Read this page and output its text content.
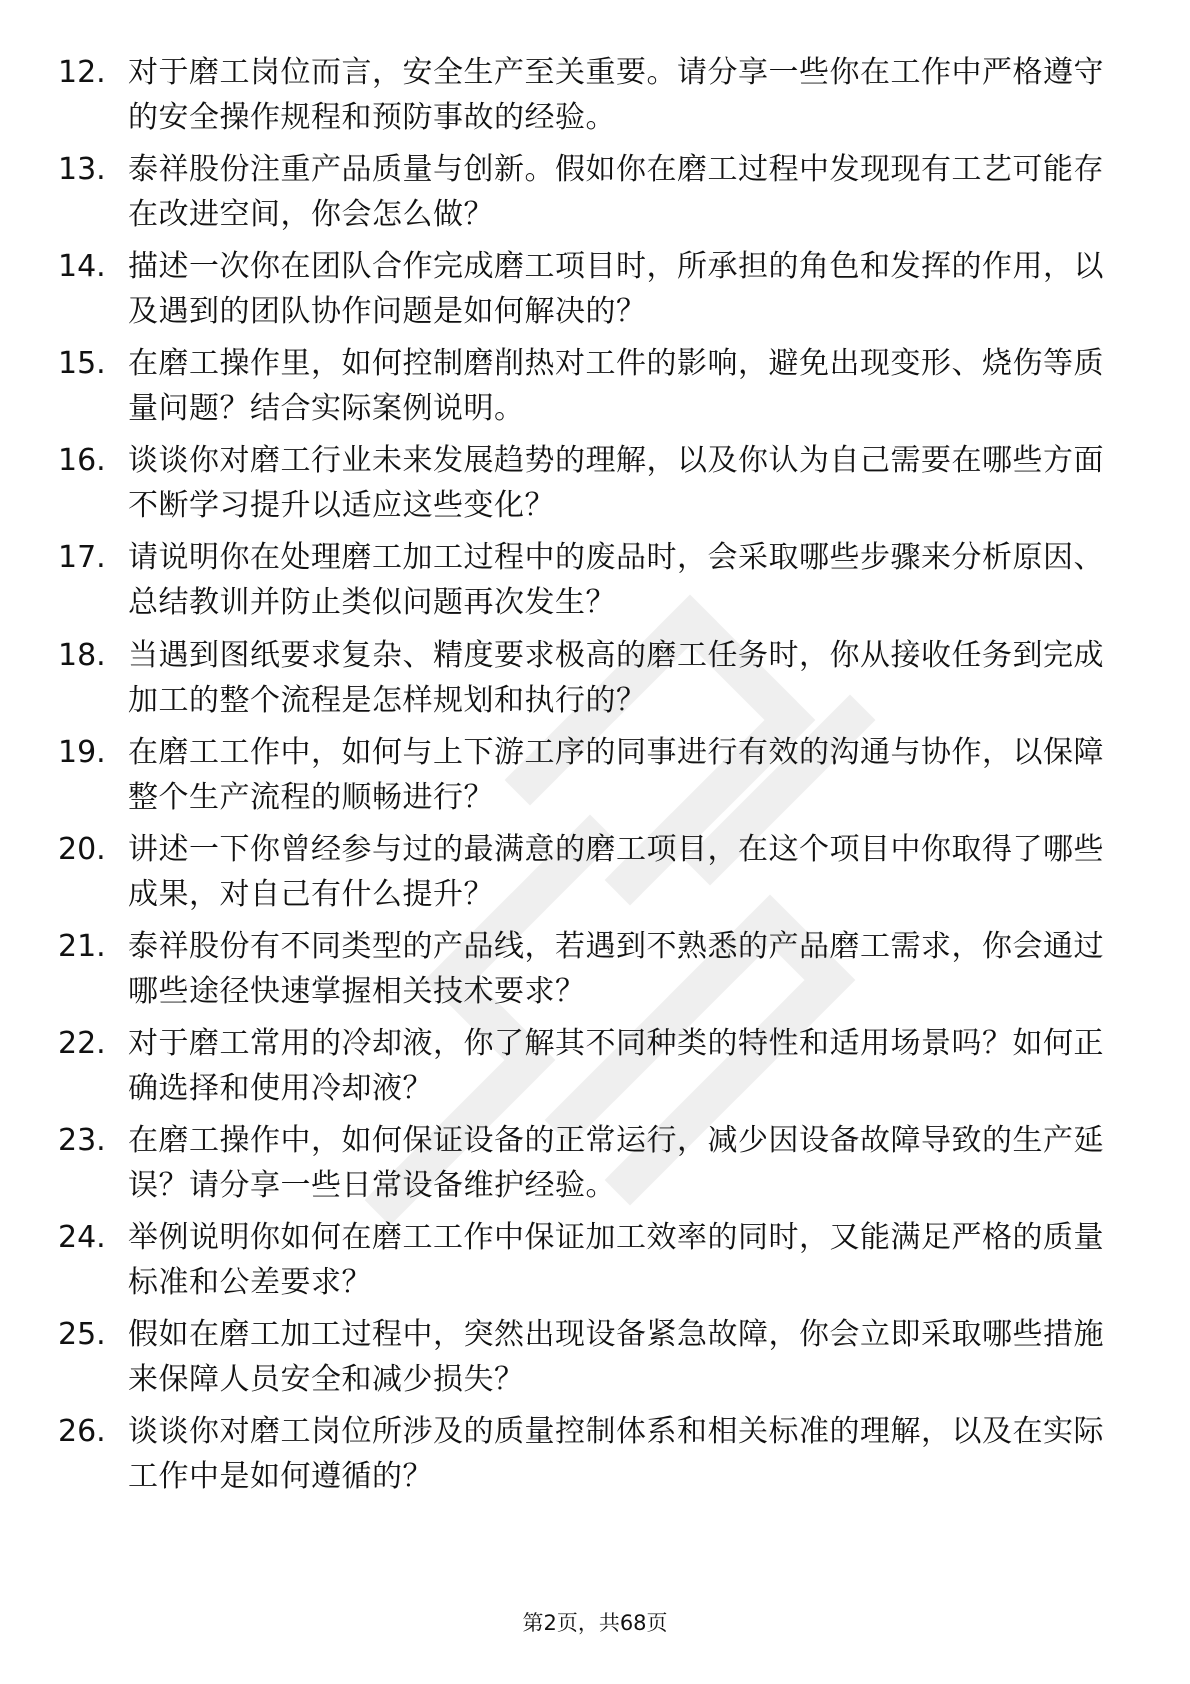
12. 对于磨工岗位而言，安全生产至关重要。请分享一些你在工作中严格遵守的安全操作规程和预防事故的经验。
13. 泰祥股份注重产品质量与创新。假如你在磨工过程中发现现有工艺可能存在改进空间，你会怎么做？
14. 描述一次你在团队合作完成磨工项目时，所承担的角色和发挥的作用，以及遇到的团队协作问题是如何解决的？
15. 在磨工操作里，如何控制磨削热对工件的影响，避免出现变形、烧伤等质量问题？结合实际案例说明。
16. 谈谈你对磨工行业未来发展趋势的理解，以及你认为自己需要在哪些方面不断学习提升以适应这些变化？
17. 请说明你在处理磨工加工过程中的废品时，会采取哪些步骤来分析原因、总结教训并防止类似问题再次发生？
18. 当遇到图纸要求复杂、精度要求极高的磨工任务时，你从接收任务到完成加工的整个流程是怎样规划和执行的？
19. 在磨工工作中，如何与上下游工序的同事进行有效的沟通与协作，以保障整个生产流程的顺畅进行？
20. 讲述一下你曾经参与过的最满意的磨工项目，在这个项目中你取得了哪些成果，对自己有什么提升？
21. 泰祥股份有不同类型的产品线，若遇到不熟悉的产品磨工需求，你会通过哪些途径快速掌握相关技术要求？
22. 对于磨工常用的冷却液，你了解其不同种类的特性和适用场景吗？如何正确选择和使用冷却液？
23. 在磨工操作中，如何保证设备的正常运行，减少因设备故障导致的生产延误？请分享一些日常设备维护经验。
24. 举例说明你如何在磨工工作中保证加工效率的同时，又能满足严格的质量标准和公差要求？
25. 假如在磨工加工过程中，突然出现设备紧急故障，你会立即采取哪些措施来保障人员安全和减少损失？
26. 谈谈你对磨工岗位所涉及的质量控制体系和相关标准的理解，以及在实际工作中是如何遵循的？
第2页，共68页
